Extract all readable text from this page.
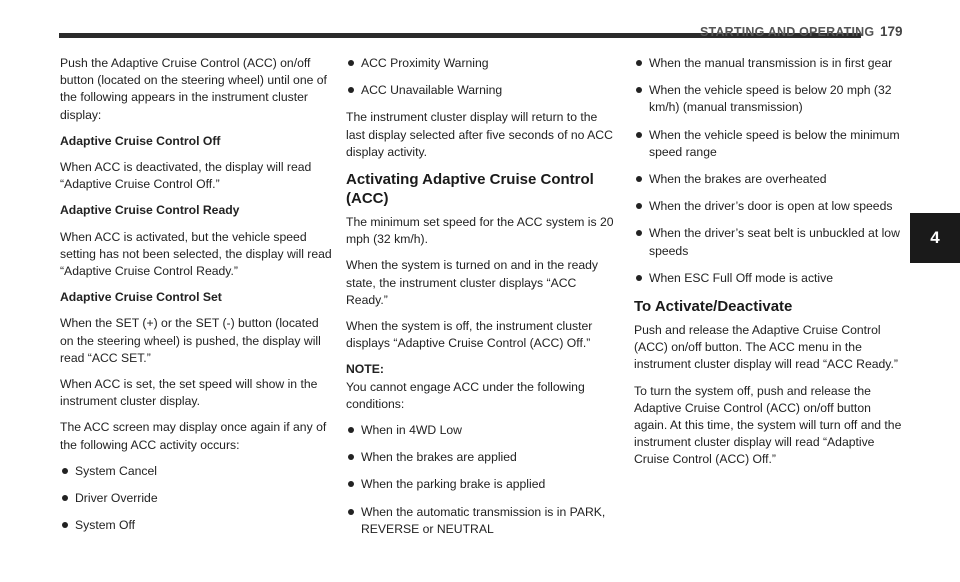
STARTING AND OPERATING 179
4

Push the Adaptive Cruise Control (ACC) on/off button (located on the steering wheel) until one of the following appears in the instrument cluster display:

Adaptive Cruise Control Off

When ACC is deactivated, the display will read “Adaptive Cruise Control Off.”

Adaptive Cruise Control Ready

When ACC is activated, but the vehicle speed setting has not been selected, the display will read “Adaptive Cruise Control Ready.”

Adaptive Cruise Control Set

When the SET (+) or the SET (-) button (located on the steering wheel) is pushed, the display will read “ACC SET.”

When ACC is set, the set speed will show in the instrument cluster display.

The ACC screen may display once again if any of the following ACC activity occurs:

System Cancel
Driver Override
System Off
ACC Proximity Warning
ACC Unavailable Warning

The instrument cluster display will return to the last display selected after five seconds of no ACC display activity.

Activating Adaptive Cruise Control (ACC)

The minimum set speed for the ACC system is 20 mph (32 km/h).

When the system is turned on and in the ready state, the instrument cluster displays “ACC Ready.”

When the system is off, the instrument cluster displays “Adaptive Cruise Control (ACC) Off.”

NOTE:

You cannot engage ACC under the following conditions:

When in 4WD Low
When the brakes are applied
When the parking brake is applied
When the automatic transmission is in PARK, REVERSE or NEUTRAL
When the manual transmission is in first gear
When the vehicle speed is below 20 mph (32 km/h) (manual transmission)
When the vehicle speed is below the minimum speed range
When the brakes are overheated
When the driver’s door is open at low speeds
When the driver’s seat belt is unbuckled at low speeds
When ESC Full Off mode is active
To Activate/Deactivate

Push and release the Adaptive Cruise Control (ACC) on/off button. The ACC menu in the instrument cluster display will read “ACC Ready.”

To turn the system off, push and release the Adaptive Cruise Control (ACC) on/off button again. At this time, the system will turn off and the instrument cluster display will read “Adaptive Cruise Control (ACC) Off.”
